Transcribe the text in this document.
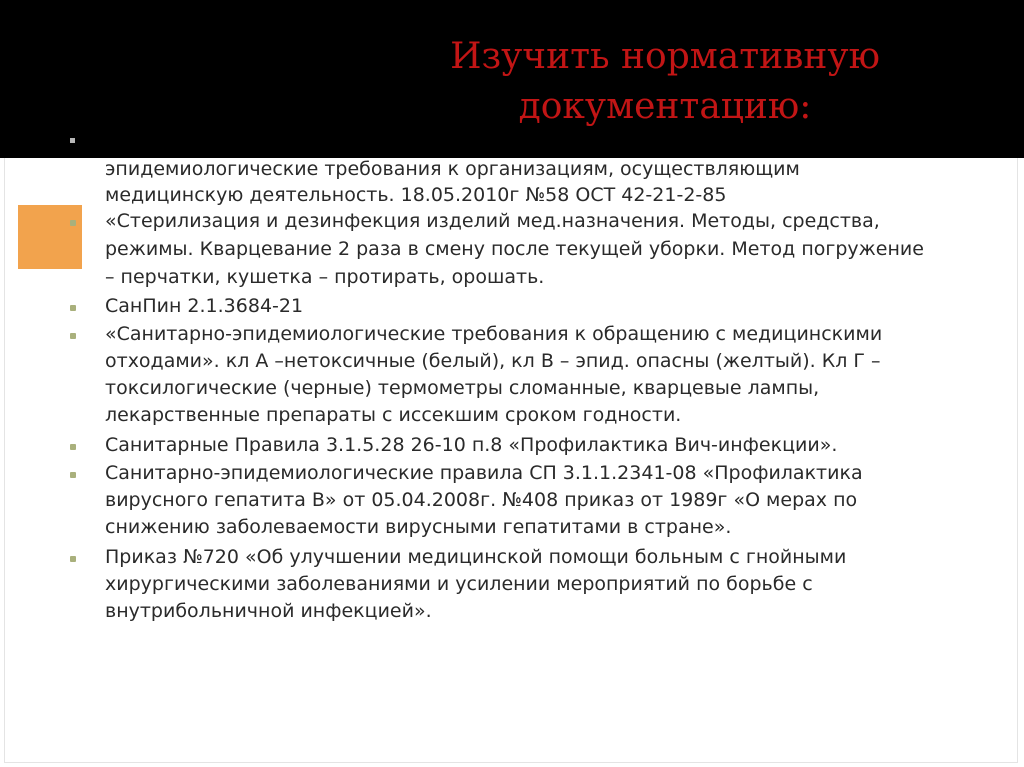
эпидемиологические требования к организациям, осуществляющим

медицинскую деятельность. 18.05.2010г №58 ОСТ 42-21-2-85

«Стерилизация и дезинфекция изделий мед.назначения. Методы, средства,

режимы. Кварцевание 2 раза в смену после текущей уборки. Метод погружение

– перчатки, кушетка – протирать, орошать.

СанПин 2.1.3684-21

«Санитарно-эпидемиологические требования к обращению с медицинскими

отходами». кл А –нетоксичные (белый), кл В – эпид. опасны (желтый). Кл Г –

токсилогические (черные) термометры сломанные, кварцевые лампы,

лекарственные препараты с иссекшим сроком годности.

Санитарные Правила 3.1.5.28 26-10 п.8 «Профилактика Вич-инфекции».

Санитарно-эпидемиологические правила СП 3.1.1.2341-08 «Профилактика

вирусного гепатита В» от 05.04.2008г. №408 приказ от 1989г «О мерах по

снижению заболеваемости вирусными гепатитами в стране».

Приказ №720 «Об улучшении медицинской помощи больным с гнойными

хирургическими заболеваниями и усилении мероприятий по борьбе с

внутрибольничной инфекцией».

Изучить нормативную
документацию:
